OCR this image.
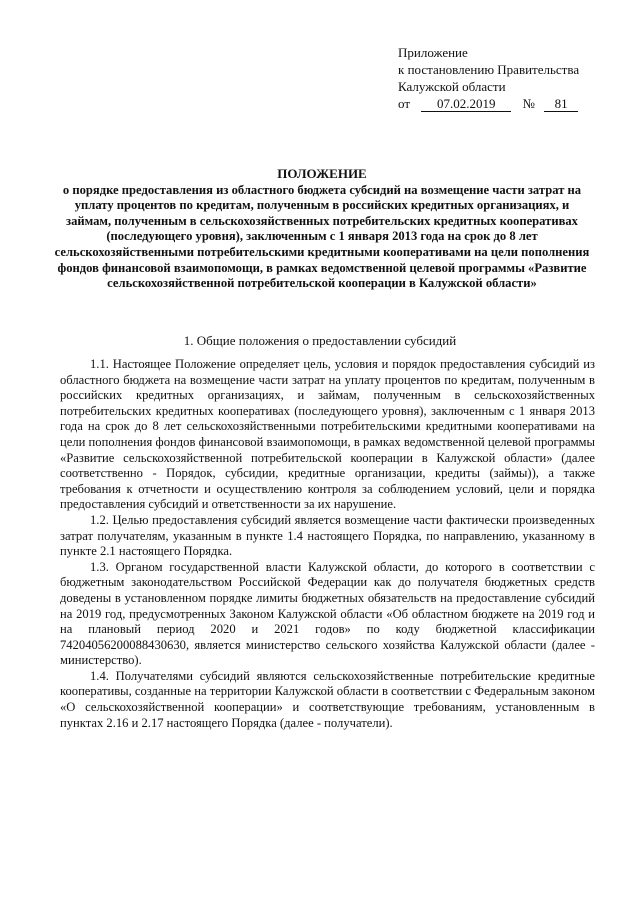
Приложение
к постановлению Правительства
Калужской области
от 07.02.2019 № 81
ПОЛОЖЕНИЕ
о порядке предоставления из областного бюджета субсидий на возмещение части затрат на уплату процентов по кредитам, полученным в российских кредитных организациях, и займам, полученным в сельскохозяйственных потребительских кредитных кооперативах (последующего уровня), заключенным с 1 января 2013 года на срок до 8 лет сельскохозяйственными потребительскими кредитными кооперативами на цели пополнения фондов финансовой взаимопомощи, в рамках ведомственной целевой программы «Развитие сельскохозяйственной потребительской кооперации в Калужской области»
1. Общие положения о предоставлении субсидий

1.1. Настоящее Положение определяет цель, условия и порядок предоставления субсидий из областного бюджета на возмещение части затрат на уплату процентов по кредитам, полученным в российских кредитных организациях, и займам, полученным в сельскохозяйственных потребительских кредитных кооперативах (последующего уровня), заключенным с 1 января 2013 года на срок до 8 лет сельскохозяйственными потребительскими кредитными кооперативами на цели пополнения фондов финансовой взаимопомощи, в рамках ведомственной целевой программы «Развитие сельскохозяйственной потребительской кооперации в Калужской области» (далее соответственно - Порядок, субсидии, кредитные организации, кредиты (займы)), а также требования к отчетности и осуществлению контроля за соблюдением условий, цели и порядка предоставления субсидий и ответственности за их нарушение.

1.2. Целью предоставления субсидий является возмещение части фактически произведенных затрат получателям, указанным в пункте 1.4 настоящего Порядка, по направлению, указанному в пункте 2.1 настоящего Порядка.

1.3. Органом государственной власти Калужской области, до которого в соответствии с бюджетным законодательством Российской Федерации как до получателя бюджетных средств доведены в установленном порядке лимиты бюджетных обязательств на предоставление субсидий на 2019 год, предусмотренных Законом Калужской области «Об областном бюджете на 2019 год и на плановый период 2020 и 2021 годов» по коду бюджетной классификации 74204056200088430630, является министерство сельского хозяйства Калужской области (далее - министерство).

1.4. Получателями субсидий являются сельскохозяйственные потребительские кредитные кооперативы, созданные на территории Калужской области в соответствии с Федеральным законом «О сельскохозяйственной кооперации» и соответствующие требованиям, установленным в пунктах 2.16 и 2.17 настоящего Порядка (далее - получатели).
